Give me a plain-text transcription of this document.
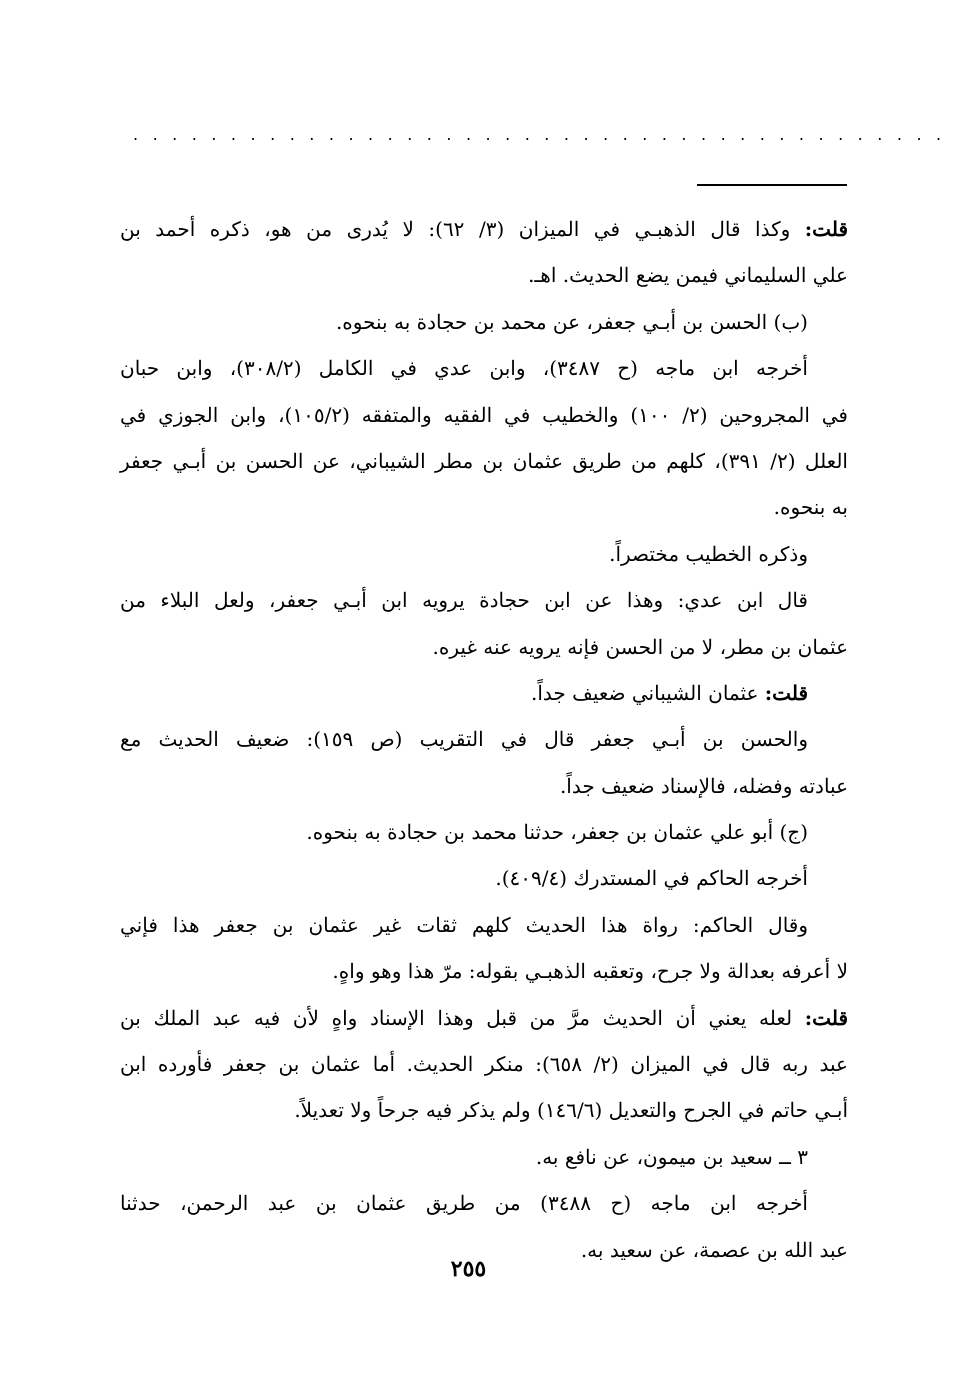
..........................................
قلت: وكذا قال الذهبـي في الميزان (٣/ ٦٢): لا يُدرى من هو، ذكره أحمد بن
علي السليماني فيمن يضع الحديث. اهـ.
(ب) الحسن بن أبـي جعفر، عن محمد بن حجادة به بنحوه.
أخرجه ابن ماجه (ح ٣٤٨٧)، وابن عدي في الكامل (٣٠٨/٢)، وابن حبان
في المجروحين (٢/ ١٠٠) والخطيب في الفقيه والمتفقه (١٠٥/٢)، وابن الجوزي في
العلل (٢/ ٣٩١)، كلهم من طريق عثمان بن مطر الشيباني، عن الحسن بن أبـي جعفر
به بنحوه.
وذكره الخطيب مختصراً.
قال ابن عدي: وهذا عن ابن حجادة يرويه ابن أبـي جعفر، ولعل البلاء من
عثمان بن مطر، لا من الحسن فإنه يرويه عنه غيره.
قلت: عثمان الشيباني ضعيف جداً.
والحسن بن أبـي جعفر قال في التقريب (ص ١٥٩): ضعيف الحديث مع
عبادته وفضله، فالإسناد ضعيف جداً.
(ج) أبو علي عثمان بن جعفر، حدثنا محمد بن حجادة به بنحوه.
أخرجه الحاكم في المستدرك (٤٠٩/٤).
وقال الحاكم: رواة هذا الحديث كلهم ثقات غير عثمان بن جعفر هذا فإني
لا أعرفه بعدالة ولا جرح، وتعقبه الذهبـي بقوله: مرّ هذا وهو واهٍ.
قلت: لعله يعني أن الحديث مرَّ من قبل وهذا الإسناد واهٍ لأن فيه عبد الملك بن
عبد ربه قال في الميزان (٢/ ٦٥٨): منكر الحديث. أما عثمان بن جعفر فأورده ابن
أبـي حاتم في الجرح والتعديل (١٤٦/٦) ولم يذكر فيه جرحاً ولا تعديلاً.
٣ ــ سعيد بن ميمون، عن نافع به.
أخرجه ابن ماجه (ح ٣٤٨٨) من طريق عثمان بن عبد الرحمن، حدثنا
عبد الله بن عصمة، عن سعيد به.
٢٥٥
